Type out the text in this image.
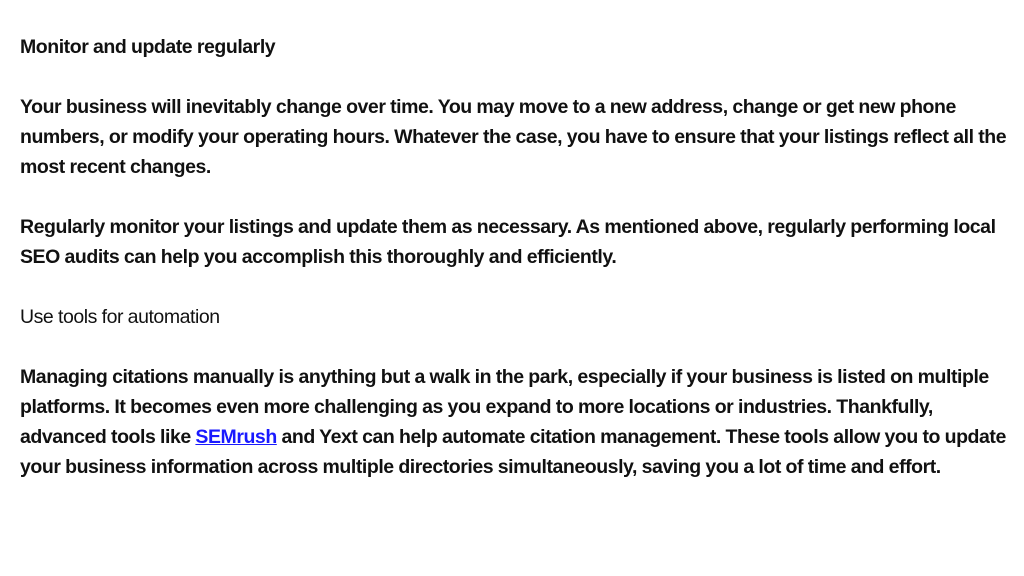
Monitor and update regularly

Your business will inevitably change over time. You may move to a new address, change or get new phone numbers, or modify your operating hours. Whatever the case, you have to ensure that your listings reflect all the most recent changes.

Regularly monitor your listings and update them as necessary. As mentioned above, regularly performing local SEO audits can help you accomplish this thoroughly and efficiently.

Use tools for automation

Managing citations manually is anything but a walk in the park, especially if your business is listed on multiple platforms. It becomes even more challenging as you expand to more locations or industries. Thankfully, advanced tools like SEMrush and Yext can help automate citation management. These tools allow you to update your business information across multiple directories simultaneously, saving you a lot of time and effort.
